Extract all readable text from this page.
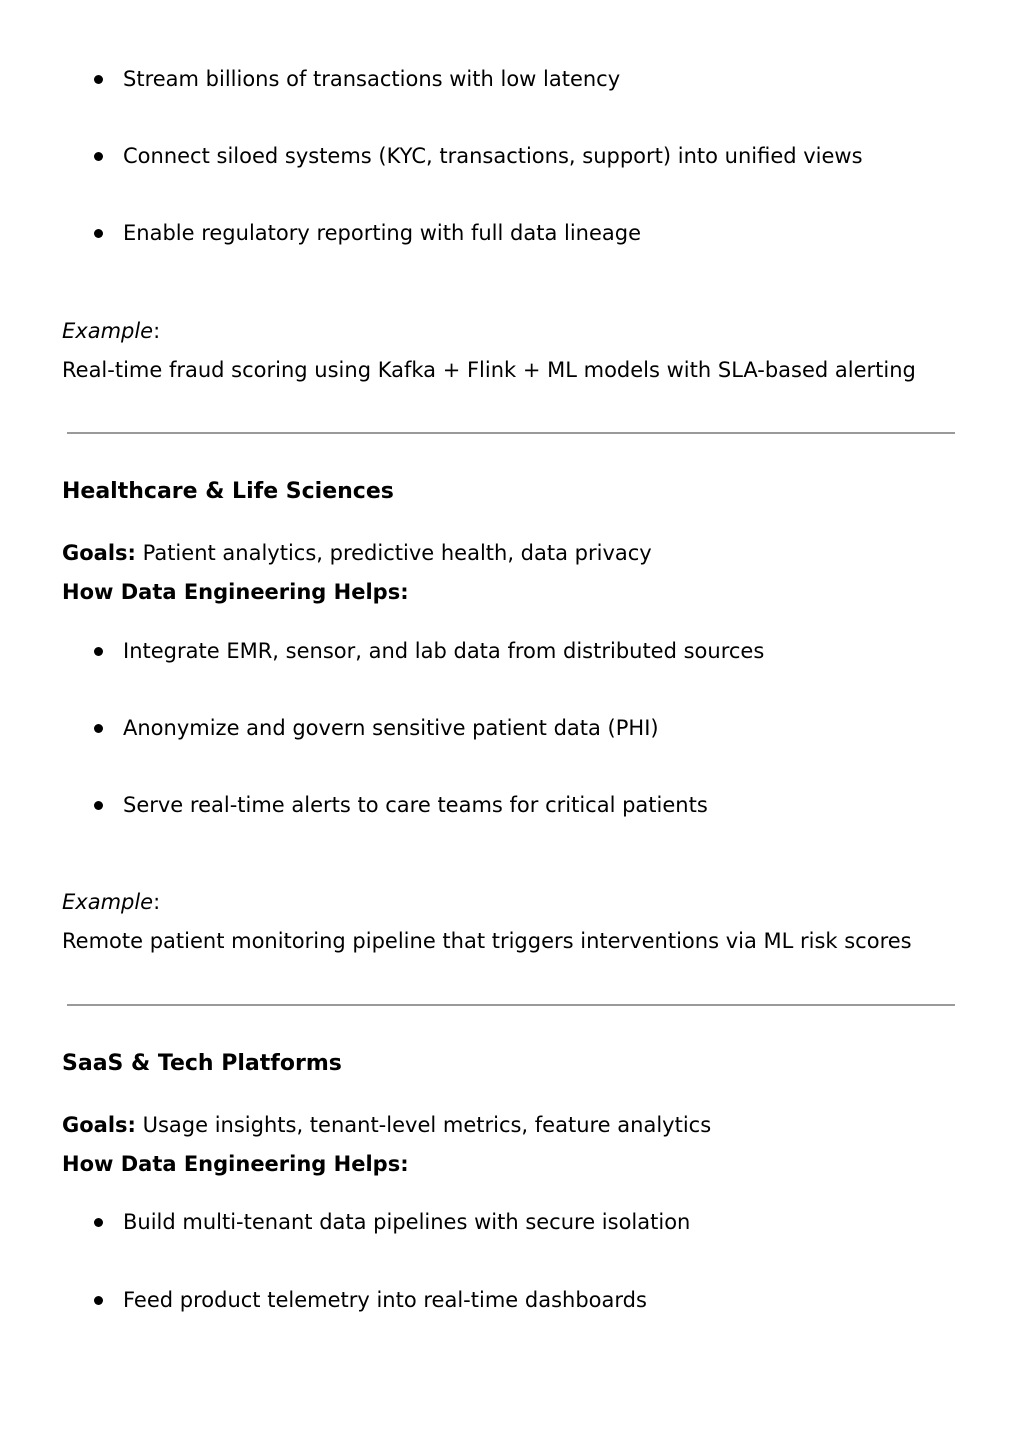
Stream billions of transactions with low latency
Connect siloed systems (KYC, transactions, support) into unified views
Enable regulatory reporting with full data lineage
Example:
Real-time fraud scoring using Kafka + Flink + ML models with SLA-based alerting
Healthcare & Life Sciences
Goals: Patient analytics, predictive health, data privacy
How Data Engineering Helps:
Integrate EMR, sensor, and lab data from distributed sources
Anonymize and govern sensitive patient data (PHI)
Serve real-time alerts to care teams for critical patients
Example:
Remote patient monitoring pipeline that triggers interventions via ML risk scores
SaaS & Tech Platforms
Goals: Usage insights, tenant-level metrics, feature analytics
How Data Engineering Helps:
Build multi-tenant data pipelines with secure isolation
Feed product telemetry into real-time dashboards
